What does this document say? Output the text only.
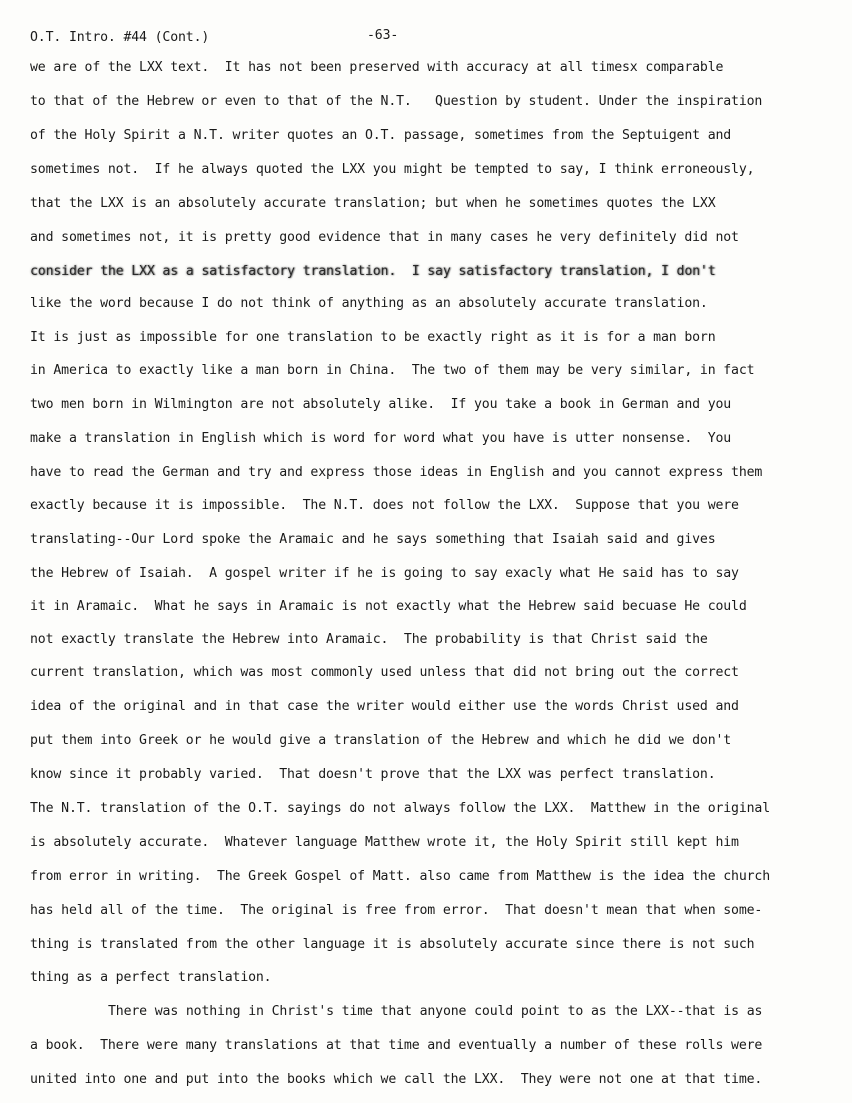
O.T. Intro. #44 (Cont.)	-63-
we are of the LXX text.  It has not been preserved with accuracy at all timesx comparable
to that of the Hebrew or even to that of the N.T.   Question by student. Under the inspiration
of the Holy Spirit a N.T. writer quotes an O.T. passage, sometimes from the Septuigent and
sometimes not.  If he always quoted the LXX you might be tempted to say, I think erroneously,
that the LXX is an absolutely accurate translation; but when he sometimes quotes the LXX
and sometimes not, it is pretty good evidence that in many cases he very definitely did not
consider the LXX as a satisfactory translation.  I say satisfactory translation, I don't
like the word because I do not think of anything as an absolutely accurate translation.
It is just as impossible for one translation to be exactly right as it is for a man born
in America to exactly like a man born in China.  The two of them may be very similar, in fact
two men born in Wilmington are not absolutely alike.  If you take a book in German and you
make a translation in English which is word for word what you have is utter nonsense.  You
have to read the German and try and express those ideas in English and you cannot express them
exactly because it is impossible.  The N.T. does not follow the LXX.  Suppose that you were
translating--Our Lord spoke the Aramaic and he says something that Isaiah said and gives
the Hebrew of Isaiah.  A gospel writer if he is going to say exacly what He said has to say
it in Aramaic.  What he says in Aramaic is not exactly what the Hebrew said becuase He could
not exactly translate the Hebrew into Aramaic.  The probability is that Christ said the
current translation, which was most commonly used unless that did not bring out the correct
idea of the original and in that case the writer would either use the words Christ used and
put them into Greek or he would give a translation of the Hebrew and which he did we don't
know since it probably varied.  That doesn't prove that the LXX was perfect translation.
The N.T. translation of the O.T. sayings do not always follow the LXX.  Matthew in the original
is absolutely accurate.  Whatever language Matthew wrote it, the Holy Spirit still kept him
from error in writing.  The Greek Gospel of Matt. also came from Matthew is the idea the church
has held all of the time.  The original is free from error.  That doesn't mean that when some-
thing is translated from the other language it is absolutely accurate since there is not such
thing as a perfect translation.
There was nothing in Christ's time that anyone could point to as the LXX--that is as
a book.  There were many translations at that time and eventually a number of these rolls were
united into one and put into the books which we call the LXX.  They were not one at that time.
